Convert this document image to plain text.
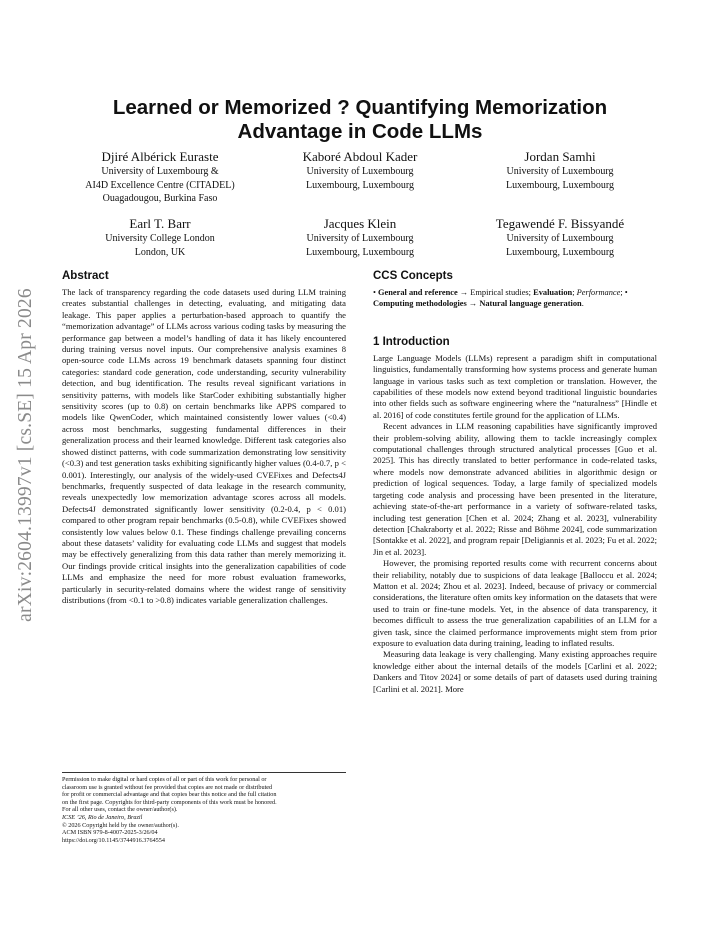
arXiv:2604.13997v1 [cs.SE] 15 Apr 2026
Learned or Memorized ? Quantifying Memorization Advantage in Code LLMs
Djiré Albérick Euraste
University of Luxembourg &
AI4D Excellence Centre (CITADEL)
Ouagadougou, Burkina Faso
Kaboré Abdoul Kader
University of Luxembourg
Luxembourg, Luxembourg
Jordan Samhi
University of Luxembourg
Luxembourg, Luxembourg
Earl T. Barr
University College London
London, UK
Jacques Klein
University of Luxembourg
Luxembourg, Luxembourg
Tegawendé F. Bissyandé
University of Luxembourg
Luxembourg, Luxembourg
Abstract

The lack of transparency regarding the code datasets used during LLM training creates substantial challenges in detecting, evaluating, and mitigating data leakage. This paper applies a perturbation-based approach to quantify the “memorization advantage” of LLMs across various coding tasks by measuring the performance gap between a model’s handling of data it has likely encountered during training versus novel inputs. Our comprehensive analysis examines 8 open-source code LLMs across 19 benchmark datasets spanning four distinct categories: standard code generation, code understanding, security vulnerability detection, and bug identification. The results reveal significant variations in sensitivity patterns, with models like StarCoder exhibiting substantially higher sensitivity scores (up to 0.8) on certain benchmarks like APPS compared to models like QwenCoder, which maintained consistently lower values (<0.4) across most benchmarks, suggesting fundamental differences in their generalization process and their learned knowledge. Different task categories also showed distinct patterns, with code summarization demonstrating low sensitivity (<0.3) and test generation tasks exhibiting significantly higher values (0.4-0.7, p < 0.001). Interestingly, our analysis of the widely-used CVEFixes and Defects4J benchmarks, frequently suspected of data leakage in the research community, reveals unexpectedly low memorization advantage scores across all models. Defects4J demonstrated significantly lower sensitivity (0.2-0.4, p < 0.01) compared to other program repair benchmarks (0.5-0.8), while CVEFixes showed consistently low values below 0.1. These findings challenge prevailing concerns about these datasets’ validity for evaluating code LLMs and suggest that models may be effectively generalizing from this data rather than merely memorizing it. Our findings provide critical insights into the generalization capabilities of code LLMs and emphasize the need for more robust evaluation frameworks, particularly in security-related domains where the widest range of sensitivity distributions (from <0.1 to >0.8) indicates variable generalization challenges.

Permission to make digital or hard copies of all or part of this work for personal or
classroom use is granted without fee provided that copies are not made or distributed
for profit or commercial advantage and that copies bear this notice and the full citation
on the first page. Copyrights for third-party components of this work must be honored.
For all other uses, contact the owner/author(s).
ICSE ’26, Rio de Janeiro, Brazil
© 2026 Copyright held by the owner/author(s).
ACM ISBN 979-8-4007-2025-3/26/04
https://doi.org/10.1145/3744916.3764554
CCS Concepts

• General and reference → Empirical studies; Evaluation; Performance; • Computing methodologies → Natural language generation.

1 Introduction

Large Language Models (LLMs) represent a paradigm shift in computational linguistics, fundamentally transforming how systems process and generate human language in various tasks such as text completion or translation. However, the capabilities of these models now extend beyond traditional linguistic boundaries into other fields such as software engineering where the “naturalness” [Hindle et al. 2016] of code constitutes fertile ground for the application of LLMs.

Recent advances in LLM reasoning capabilities have significantly improved their problem-solving ability, allowing them to tackle increasingly complex computational challenges through structured analytical processes [Guo et al. 2025]. This has directly translated to better performance in code-related tasks, where models now demonstrate advanced abilities in algorithmic design or prediction of logical sequences. Today, a large family of specialized models targeting code analysis and processing have been presented in the literature, achieving state-of-the-art performance in a variety of software-related tasks, including test generation [Chen et al. 2024; Zhang et al. 2023], vulnerability detection [Chakraborty et al. 2022; Risse and Böhme 2024], code summarization [Sontakke et al. 2022], and program repair [Deligiannis et al. 2023; Fu et al. 2022; Jin et al. 2023].

However, the promising reported results come with recurrent concerns about their reliability, notably due to suspicions of data leakage [Balloccu et al. 2024; Matton et al. 2024; Zhou et al. 2023]. Indeed, because of privacy or commercial considerations, the literature often omits key information on the datasets that were used to train or fine-tune models. Yet, in the absence of data transparency, it becomes difficult to assess the true generalization capabilities of an LLM for a given task, since the claimed performance improvements might stem from prior exposure to evaluation data during training, leading to inflated results.

Measuring data leakage is very challenging. Many existing approaches require knowledge either about the internal details of the models [Carlini et al. 2022; Dankers and Titov 2024] or some details of part of datasets used during training [Carlini et al. 2021]. More
